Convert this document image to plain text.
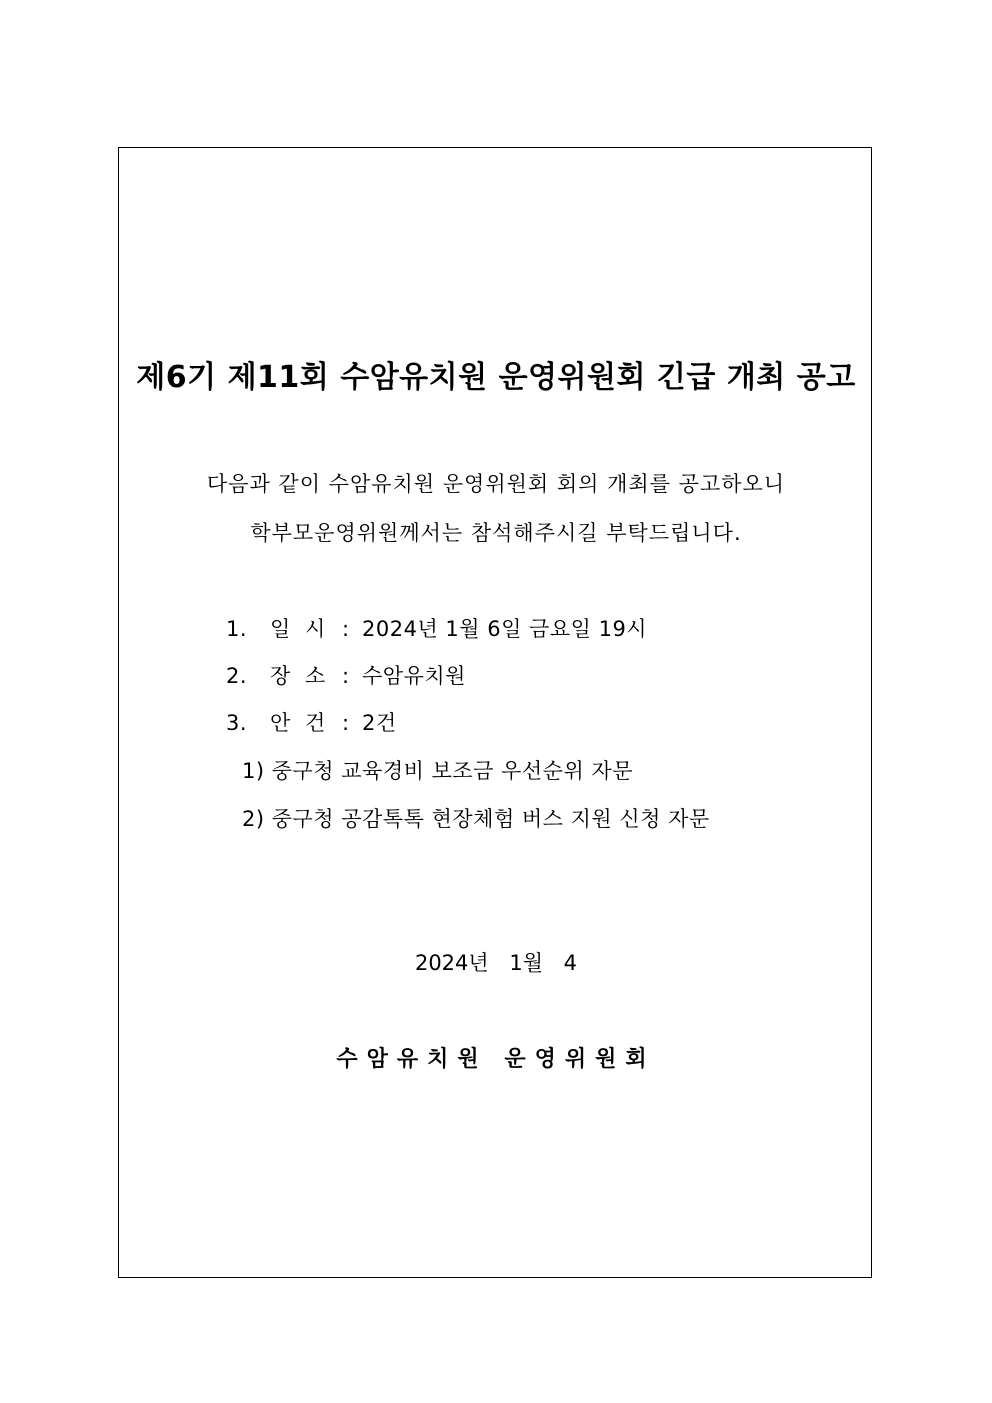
제6기 제11회 수암유치원 운영위원회 긴급 개최 공고
다음과 같이 수암유치원 운영위원회 회의 개최를 공고하오니
학부모운영위원께서는 참석해주시길 부탁드립니다.
1. 일 시 : 2024년 1월 6일 금요일 19시
2. 장 소 : 수암유치원
3. 안 건 : 2건
1) 중구청 교육경비 보조금 우선순위 자문
2) 중구청 공감톡톡 현장체험 버스 지원 신청 자문
2024년 1월 4
수암유치원 운영위원회
